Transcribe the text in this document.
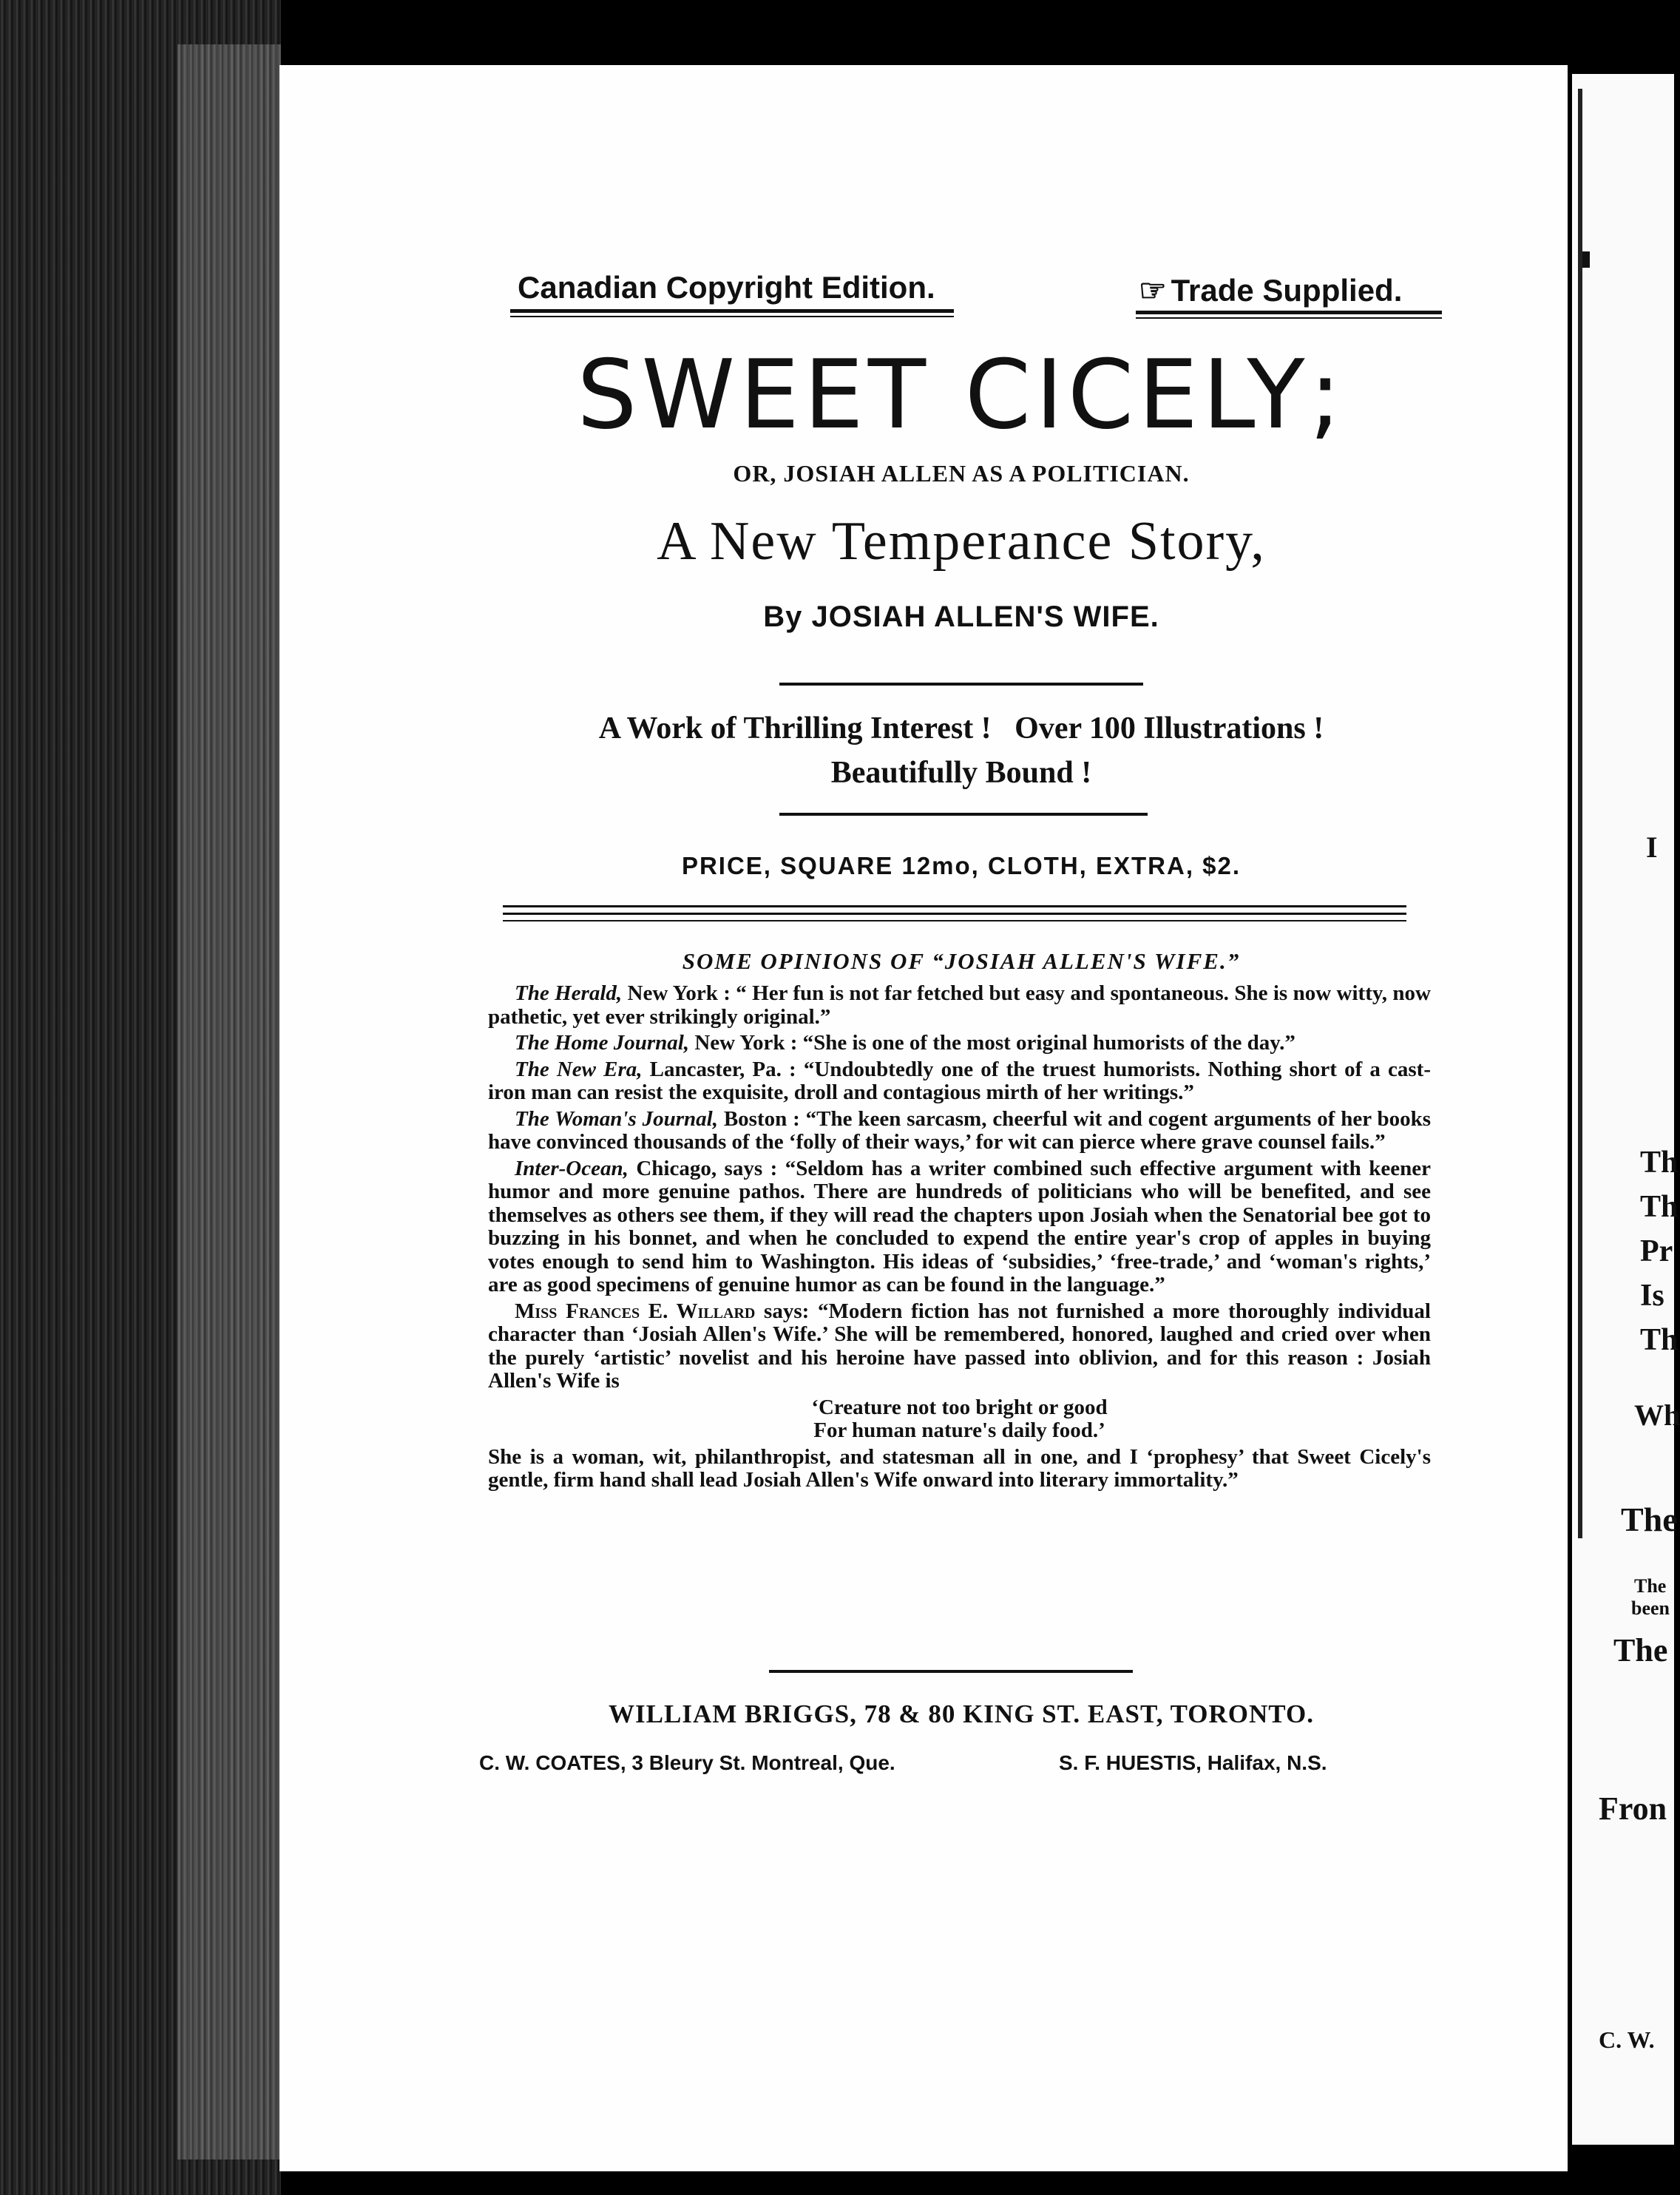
Canadian Copyright Edition.	☞ Trade Supplied.
SWEET CICELY;
OR, JOSIAH ALLEN AS A POLITICIAN.
A New Temperance Story,
By JOSIAH ALLEN'S WIFE.
A Work of Thrilling Interest !   Over 100 Illustrations !
Beautifully Bound !
PRICE, SQUARE 12mo, CLOTH, EXTRA, $2.
SOME OPINIONS OF “JOSIAH ALLEN'S WIFE.”

The Herald, New York : “ Her fun is not far fetched but easy and spontaneous. She is now witty, now pathetic, yet ever strikingly original.”

The Home Journal, New York : “She is one of the most original humorists of the day.”

The New Era, Lancaster, Pa. : “Undoubtedly one of the truest humorists. Nothing short of a cast-iron man can resist the exquisite, droll and contagious mirth of her writings.”

The Woman's Journal, Boston : “The keen sarcasm, cheerful wit and cogent arguments of her books have convinced thousands of the ‘folly of their ways,’ for wit can pierce where grave counsel fails.”

Inter-Ocean, Chicago, says : “Seldom has a writer combined such effective argument with keener humor and more genuine pathos. There are hundreds of politicians who will be benefited, and see themselves as others see them, if they will read the chapters upon Josiah when the Senatorial bee got to buzzing in his bonnet, and when he concluded to expend the entire year's crop of apples in buying votes enough to send him to Washington. His ideas of ‘subsidies,’ ‘free-trade,’ and ‘woman's rights,’ are as good specimens of genuine humor as can be found in the language.”

Miss Frances E. Willard says: “Modern fiction has not furnished a more thoroughly individual character than ‘Josiah Allen's Wife.’ She will be remembered, honored, laughed and cried over when the purely ‘artistic’ novelist and his heroine have passed into oblivion, and for this reason : Josiah Allen's Wife is

‘Creature not too bright or good
For human nature's daily food.’

She is a woman, wit, philanthropist, and statesman all in one, and I ‘prophesy’ that Sweet Cicely's gentle, firm hand shall lead Josiah Allen's Wife onward into literary immortality.”

WILLIAM BRIGGS, 78 & 80 KING ST. EAST, TORONTO.
C. W. COATES, 3 Bleury St. Montreal, Que.	S. F. HUESTIS, Halifax, N.S.
I
Th
Th
Pr
Is
Th
Wh
The
The
been
The
Fron
C. W.
